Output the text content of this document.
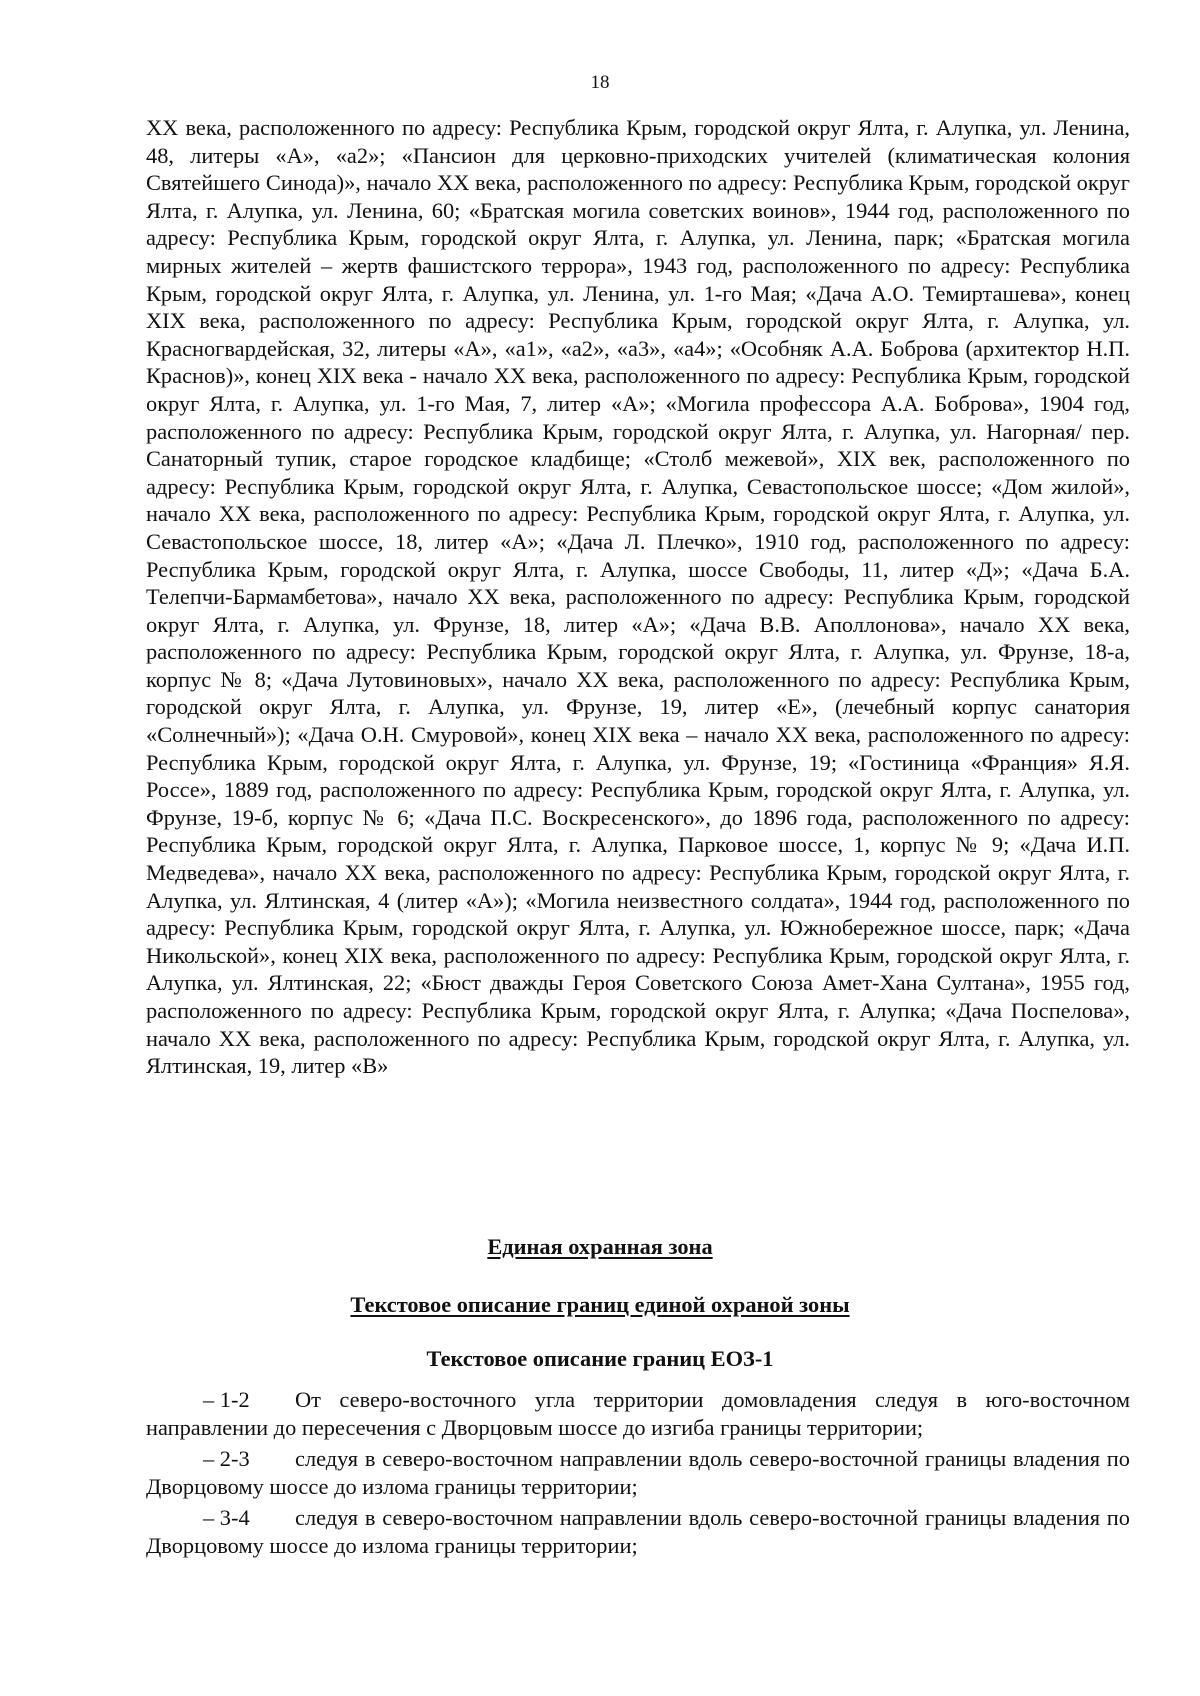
18

XX века, расположенного по адресу: Республика Крым, городской округ Ялта, г. Алупка, ул. Ленина, 48, литеры «А», «а2»; «Пансион для церковно-приходских учителей (климатическая колония Святейшего Синода)», начало XX века, расположенного по адресу: Республика Крым, городской округ Ялта, г. Алупка, ул. Ленина, 60; «Братская могила советских воинов», 1944 год, расположенного по адресу: Республика Крым, городской округ Ялта, г. Алупка, ул. Ленина, парк; «Братская могила мирных жителей – жертв фашистского террора», 1943 год, расположенного по адресу: Республика Крым, городской округ Ялта, г. Алупка, ул. Ленина, ул. 1-го Мая; «Дача А.О. Темирташева», конец XIX века, расположенного по адресу: Республика Крым, городской округ Ялта, г. Алупка, ул. Красногвардейская, 32, литеры «А», «а1», «а2», «а3», «а4»; «Особняк А.А. Боброва (архитектор Н.П. Краснов)», конец XIX века - начало XX века, расположенного по адресу: Республика Крым, городской округ Ялта, г. Алупка, ул. 1-го Мая, 7, литер «А»; «Могила профессора А.А. Боброва», 1904 год, расположенного по адресу: Республика Крым, городской округ Ялта, г. Алупка, ул. Нагорная/ пер. Санаторный тупик, старое городское кладбище; «Столб межевой», XIX век, расположенного по адресу: Республика Крым, городской округ Ялта, г. Алупка, Севастопольское шоссе; «Дом жилой», начало XX века, расположенного по адресу: Республика Крым, городской округ Ялта, г. Алупка, ул. Севастопольское шоссе, 18, литер «А»; «Дача Л. Плечко», 1910 год, расположенного по адресу: Республика Крым, городской округ Ялта, г. Алупка, шоссе Свободы, 11, литер «Д»; «Дача Б.А. Телепчи-Бармамбетова», начало XX века, расположенного по адресу: Республика Крым, городской округ Ялта, г. Алупка, ул. Фрунзе, 18, литер «А»; «Дача В.В. Аполлонова», начало XX века, расположенного по адресу: Республика Крым, городской округ Ялта, г. Алупка, ул. Фрунзе, 18-а, корпус № 8; «Дача Лутовиновых», начало XX века, расположенного по адресу: Республика Крым, городской округ Ялта, г. Алупка, ул. Фрунзе, 19, литер «Е», (лечебный корпус санатория «Солнечный»); «Дача О.Н. Смуровой», конец XIX века – начало XX века, расположенного по адресу: Республика Крым, городской округ Ялта, г. Алупка, ул. Фрунзе, 19; «Гостиница «Франция» Я.Я. Россе», 1889 год, расположенного по адресу: Республика Крым, городской округ Ялта, г. Алупка, ул. Фрунзе, 19-б, корпус № 6; «Дача П.С. Воскресенского», до 1896 года, расположенного по адресу: Республика Крым, городской округ Ялта, г. Алупка, Парковое шоссе, 1, корпус № 9; «Дача И.П. Медведева», начало XX века, расположенного по адресу: Республика Крым, городской округ Ялта, г. Алупка, ул. Ялтинская, 4 (литер «А»); «Могила неизвестного солдата», 1944 год, расположенного по адресу: Республика Крым, городской округ Ялта, г. Алупка, ул. Южнобережное шоссе, парк; «Дача Никольской», конец XIX века, расположенного по адресу: Республика Крым, городской округ Ялта, г. Алупка, ул. Ялтинская, 22; «Бюст дважды Героя Советского Союза Амет-Хана Султана», 1955 год, расположенного по адресу: Республика Крым, городской округ Ялта, г. Алупка; «Дача Поспелова», начало XX века, расположенного по адресу: Республика Крым, городской округ Ялта, г. Алупка, ул. Ялтинская, 19, литер «В»

Единая охранная зона
Текстовое описание границ единой охраной зоны
Текстовое описание границ ЕОЗ-1

– 1-2 От северо-восточного угла территории домовладения следуя в юго-восточном направлении до пересечения с Дворцовым шоссе до изгиба границы территории;

– 2-3 следуя в северо-восточном направлении вдоль северо-восточной границы владения по Дворцовому шоссе до излома границы территории;

– 3-4 следуя в северо-восточном направлении вдоль северо-восточной границы владения по Дворцовому шоссе до излома границы территории;
